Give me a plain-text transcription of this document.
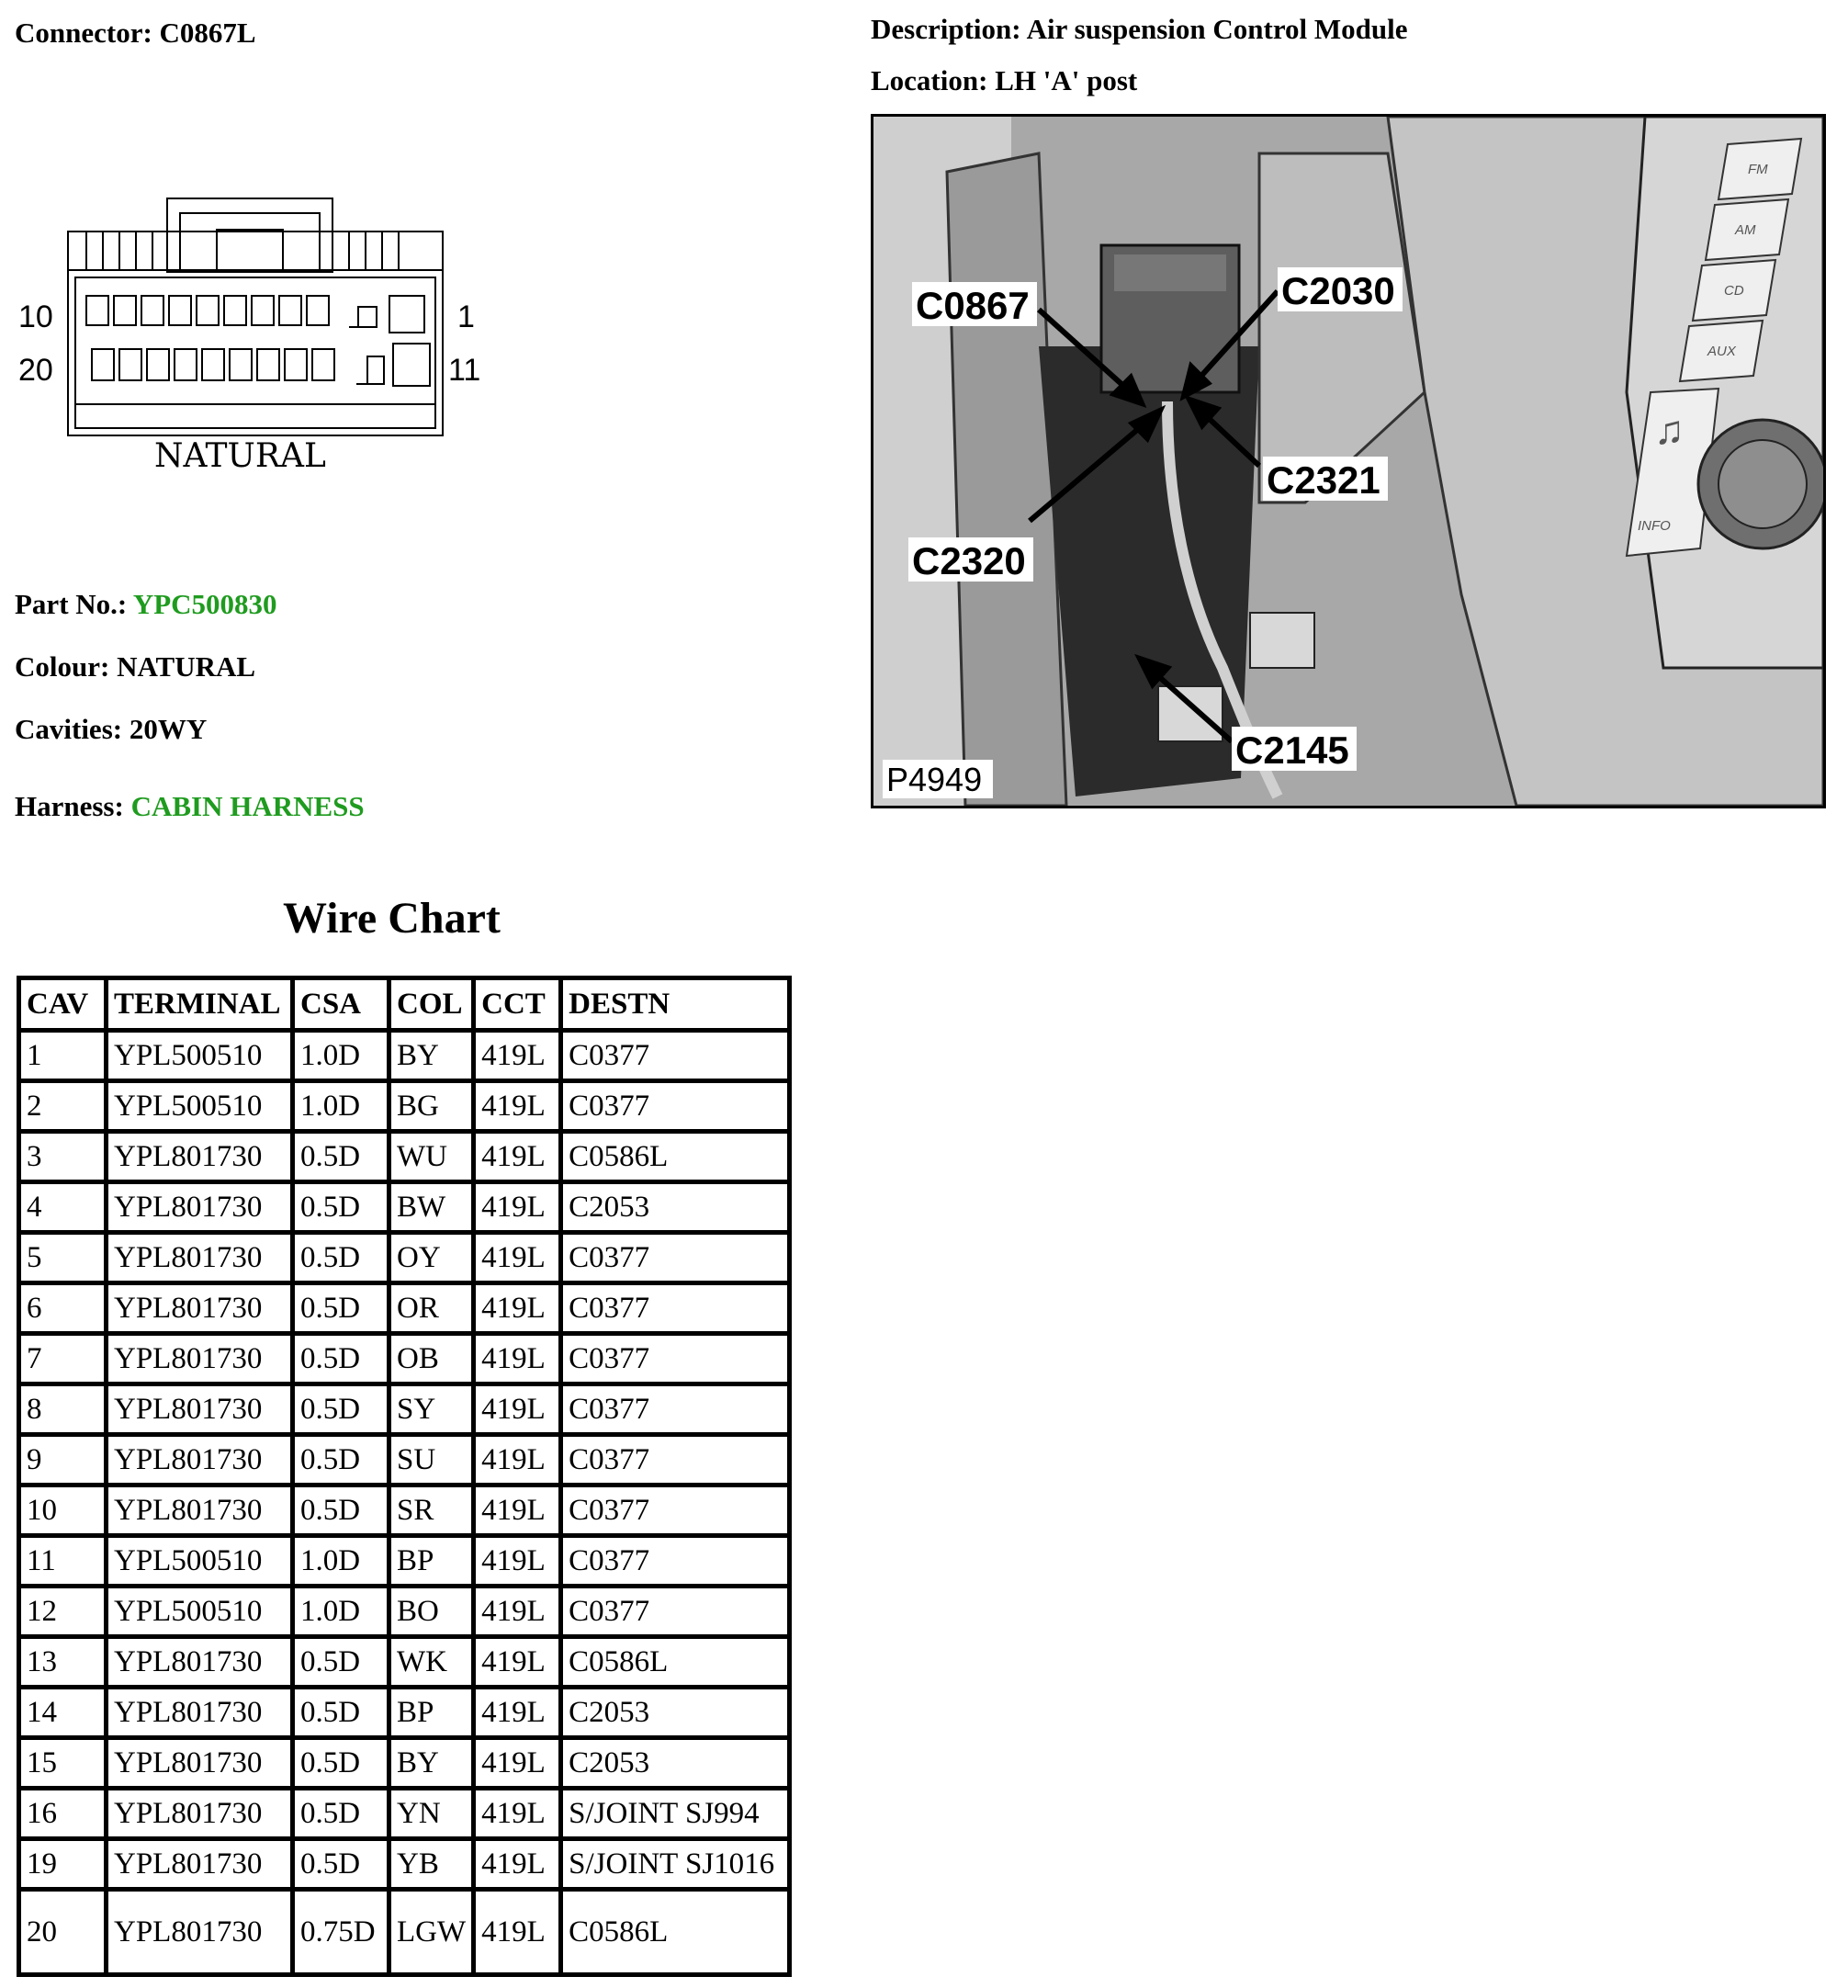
Connector: C0867L	Description: Air suspension Control Module
Location: LH 'A' post
10	1
20	11
NATURAL
Part No.: YPC500830
Colour: NATURAL
Cavities: 20WY
Harness: CABIN HARNESS
FM
AM
CD
AUX
INFO
♫
C0867	C2030
C2321
C2320
C2145
P4949
Wire Chart
CAV	TERMINAL	CSA	COL	CCT	DESTN
1	YPL500510	1.0D	BY	419L	C0377
2	YPL500510	1.0D	BG	419L	C0377
3	YPL801730	0.5D	WU	419L	C0586L
4	YPL801730	0.5D	BW	419L	C2053
5	YPL801730	0.5D	OY	419L	C0377
6	YPL801730	0.5D	OR	419L	C0377
7	YPL801730	0.5D	OB	419L	C0377
8	YPL801730	0.5D	SY	419L	C0377
9	YPL801730	0.5D	SU	419L	C0377
10	YPL801730	0.5D	SR	419L	C0377
11	YPL500510	1.0D	BP	419L	C0377
12	YPL500510	1.0D	BO	419L	C0377
13	YPL801730	0.5D	WK	419L	C0586L
14	YPL801730	0.5D	BP	419L	C2053
15	YPL801730	0.5D	BY	419L	C2053
16	YPL801730	0.5D	YN	419L	S/JOINT SJ994
19	YPL801730	0.5D	YB	419L	S/JOINT SJ1016
20	YPL801730	0.75D	LGW	419L	C0586L
